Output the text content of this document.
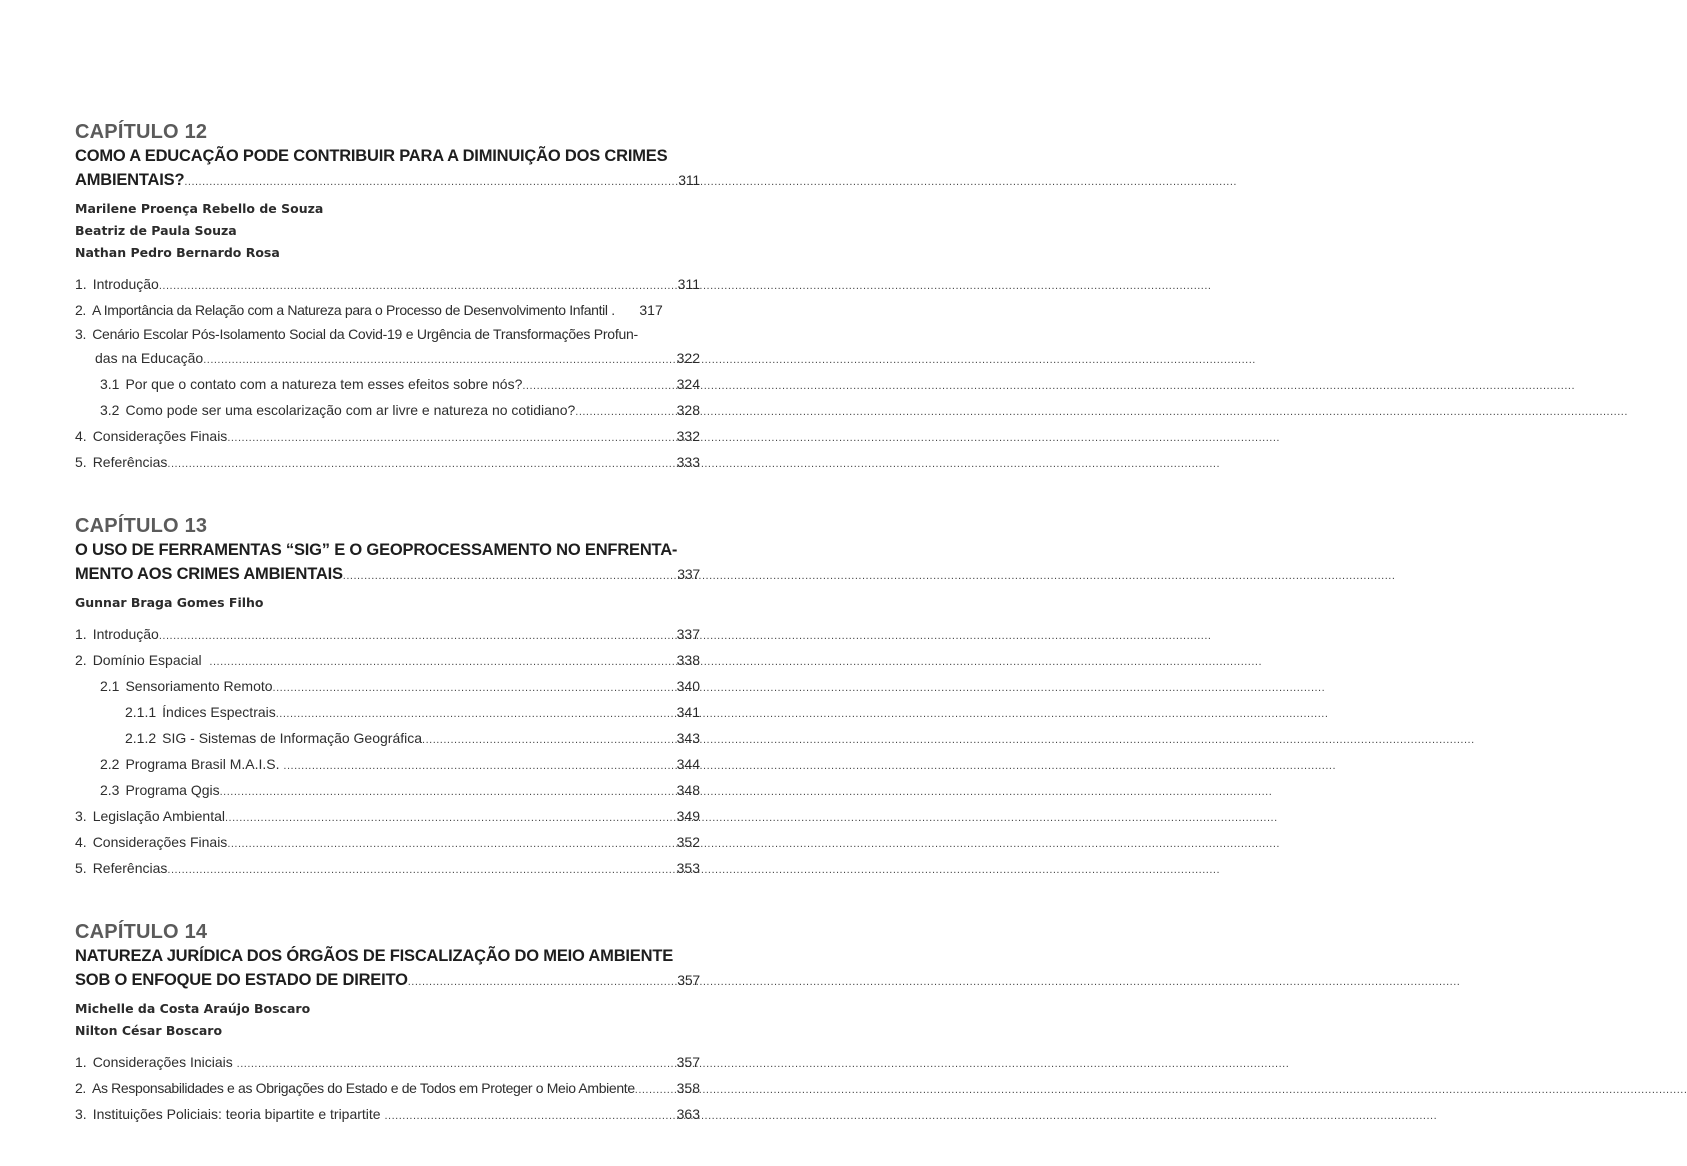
CAPÍTULO 12
COMO A EDUCAÇÃO PODE CONTRIBUIR PARA A DIMINUIÇÃO DOS CRIMES
AMBIENTAIS? .....	311
Marilene Proença Rebello de Souza
Beatriz de Paula Souza
Nathan Pedro Bernardo Rosa
1. Introdução .....	311
2. A Importância da Relação com a Natureza para o Processo de Desenvolvimento Infantil .	317
3. Cenário Escolar Pós-Isolamento Social da Covid-19 e Urgência de Transformações Profun-
das na Educação .....	322
3.1 Por que o contato com a natureza tem esses efeitos sobre nós? .....	324
3.2 Como pode ser uma escolarização com ar livre e natureza no cotidiano? .....	328
4. Considerações Finais .....	332
5. Referências .....	333
CAPÍTULO 13
O USO DE FERRAMENTAS “SIG” E O GEOPROCESSAMENTO NO ENFRENTA-
MENTO AOS CRIMES AMBIENTAIS .....	337
Gunnar Braga Gomes Filho
1. Introdução .....	337
2. Domínio Espacial .....	338
2.1 Sensoriamento Remoto .....	340
2.1.1 Índices Espectrais .....	341
2.1.2 SIG - Sistemas de Informação Geográfica .....	343
2.2 Programa Brasil M.A.I.S. .....	344
2.3 Programa Qgis .....	348
3. Legislação Ambiental .....	349
4. Considerações Finais .....	352
5. Referências .....	353
CAPÍTULO 14
NATUREZA JURÍDICA DOS ÓRGÃOS DE FISCALIZAÇÃO DO MEIO AMBIENTE
SOB O ENFOQUE DO ESTADO DE DIREITO .....	357
Michelle da Costa Araújo Boscaro
Nilton César Boscaro
1. Considerações Iniciais .....	357
2. As Responsabilidades e as Obrigações do Estado e de Todos em Proteger o Meio Ambiente .....	358
3. Instituições Policiais: teoria bipartite e tripartite .....	363
